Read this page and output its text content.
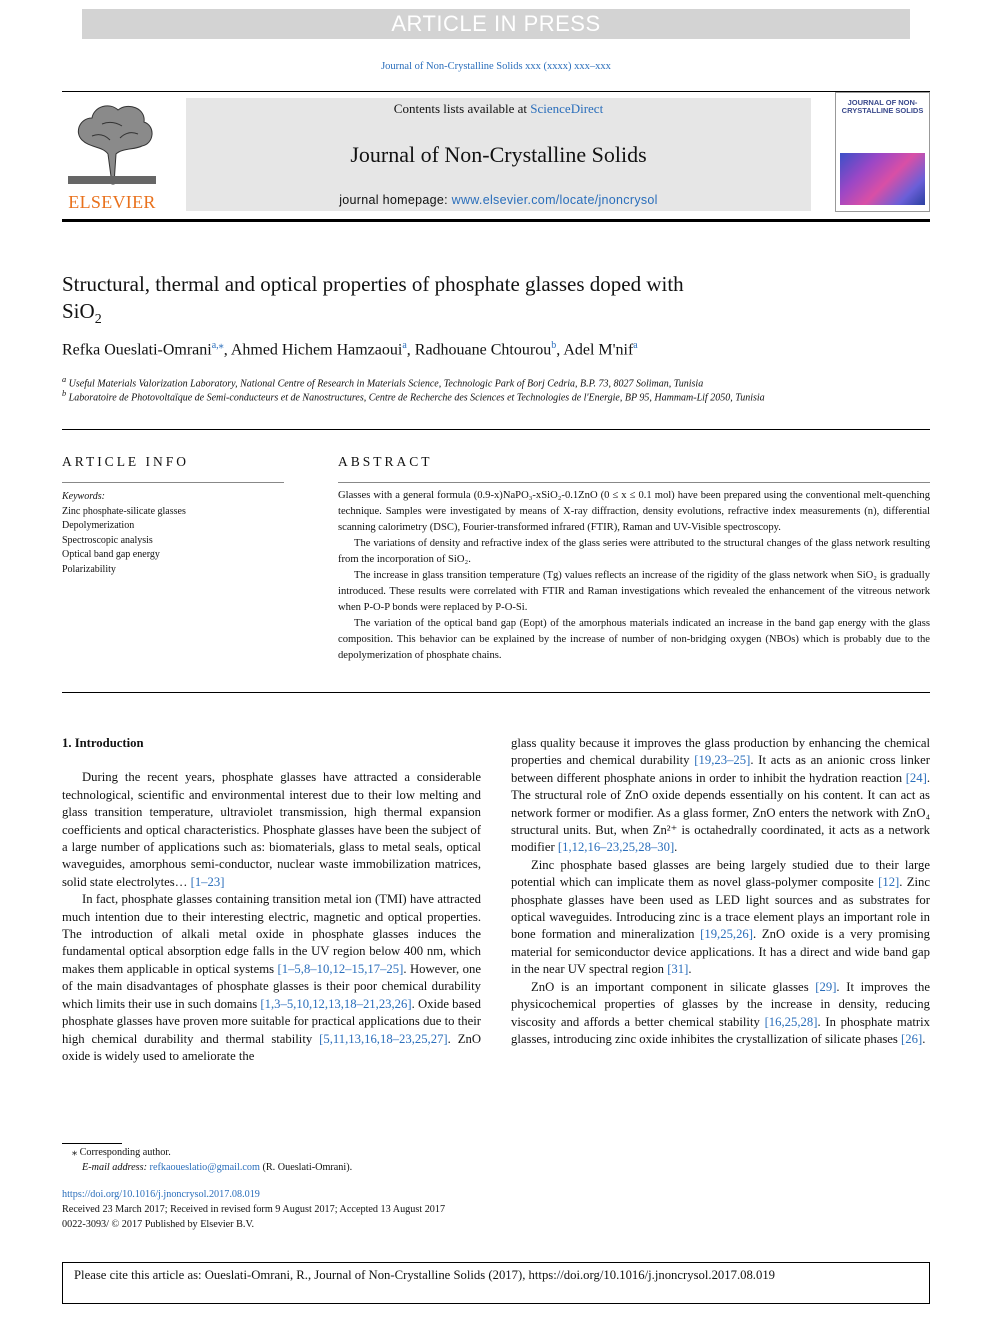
ARTICLE IN PRESS
Journal of Non-Crystalline Solids xxx (xxxx) xxx–xxx
ELSEVIER
Contents lists available at ScienceDirect
Journal of Non-Crystalline Solids
journal homepage: www.elsevier.com/locate/jnoncrysol
JOURNAL OF NON-CRYSTALLINE SOLIDS
Structural, thermal and optical properties of phosphate glasses doped with
SiO$_2$
Refka Oueslati-Omrani$^{a,⁎}$, Ahmed Hichem Hamzaoui$^a$, Radhouane Chtourou$^b$, Adel M'nif$^a$
$^a$ Useful Materials Valorization Laboratory, National Centre of Research in Materials Science, Technologic Park of Borj Cedria, B.P. 73, 8027 Soliman, Tunisia
$^b$ Laboratoire de Photovoltaïque de Semi-conducteurs et de Nanostructures, Centre de Recherche des Sciences et Technologies de l'Energie, BP 95, Hammam-Lif 2050, Tunisia
ARTICLE INFO	ABSTRACT
Keywords:
Zinc phosphate-silicate glasses
Depolymerization
Spectroscopic analysis
Optical band gap energy
Polarizability

Glasses with a general formula (0.9-x)NaPO₃-xSiO₂-0.1ZnO (0 ≤ x ≤ 0.1 mol) have been prepared using the conventional melt-quenching technique. Samples were investigated by means of X-ray diffraction, density evolutions, refractive index measurements (n), differential scanning calorimetry (DSC), Fourier-transformed infrared (FTIR), Raman and UV-Visible spectroscopy.

The variations of density and refractive index of the glass series were attributed to the structural changes of the glass network resulting from the incorporation of SiO₂.

The increase in glass transition temperature (Tg) values reflects an increase of the rigidity of the glass network when SiO₂ is gradually introduced. These results were correlated with FTIR and Raman investigations which revealed the enhancement of the vitreous network when P-O-P bonds were replaced by P-O-Si.

The variation of the optical band gap (Eopt) of the amorphous materials indicated an increase in the band gap energy with the glass composition. This behavior can be explained by the increase of number of non-bridging oxygen (NBOs) which is probably due to the depolymerization of phosphate chains.

1. Introduction

During the recent years, phosphate glasses have attracted a considerable technological, scientific and environmental interest due to their low melting and glass transition temperature, ultraviolet transmission, high thermal expansion coefficients and optical characteristics. Phosphate glasses have been the subject of a large number of applications such as: biomaterials, glass to metal seals, optical waveguides, amorphous semi-conductor, nuclear waste immobilization matrices, solid state electrolytes… [1–23]

In fact, phosphate glasses containing transition metal ion (TMI) have attracted much intention due to their interesting electric, magnetic and optical properties. The introduction of alkali metal oxide in phosphate glasses induces the fundamental optical absorption edge falls in the UV region below 400 nm, which makes them applicable in optical systems [1–5,8–10,12–15,17–25]. However, one of the main disadvantages of phosphate glasses is their poor chemical durability which limits their use in such domains [1,3–5,10,12,13,18–21,23,26]. Oxide based phosphate glasses have proven more suitable for practical applications due to their high chemical durability and thermal stability [5,11,13,16,18–23,25,27]. ZnO oxide is widely used to ameliorate the

glass quality because it improves the glass production by enhancing the chemical properties and chemical durability [19,23–25]. It acts as an anionic cross linker between different phosphate anions in order to inhibit the hydration reaction [24]. The structural role of ZnO oxide depends essentially on his content. It can act as network former or modifier. As a glass former, ZnO enters the network with ZnO₄ structural units. But, when Zn²⁺ is octahedrally coordinated, it acts as a network modifier [1,12,16–23,25,28–30].

Zinc phosphate based glasses are being largely studied due to their large potential which can implicate them as novel glass-polymer composite [12]. Zinc phosphate glasses have been used as LED light sources and as substrates for optical waveguides. Introducing zinc is a trace element plays an important role in bone formation and mineralization [19,25,26]. ZnO oxide is a very promising material for semiconductor device applications. It has a direct and wide band gap in the near UV spectral region [31].

ZnO is an important component in silicate glasses [29]. It improves the physicochemical properties of glasses by the increase in density, reducing viscosity and affords a better chemical stability [16,25,28]. In phosphate matrix glasses, introducing zinc oxide inhibites the crystallization of silicate phases [26].

⁎ Corresponding author.
E-mail address: refkaoueslatio@gmail.com (R. Oueslati-Omrani).
https://doi.org/10.1016/j.jnoncrysol.2017.08.019
Received 23 March 2017; Received in revised form 9 August 2017; Accepted 13 August 2017
0022-3093/ © 2017 Published by Elsevier B.V.
Please cite this article as: Oueslati-Omrani, R., Journal of Non-Crystalline Solids (2017), https://doi.org/10.1016/j.jnoncrysol.2017.08.019
